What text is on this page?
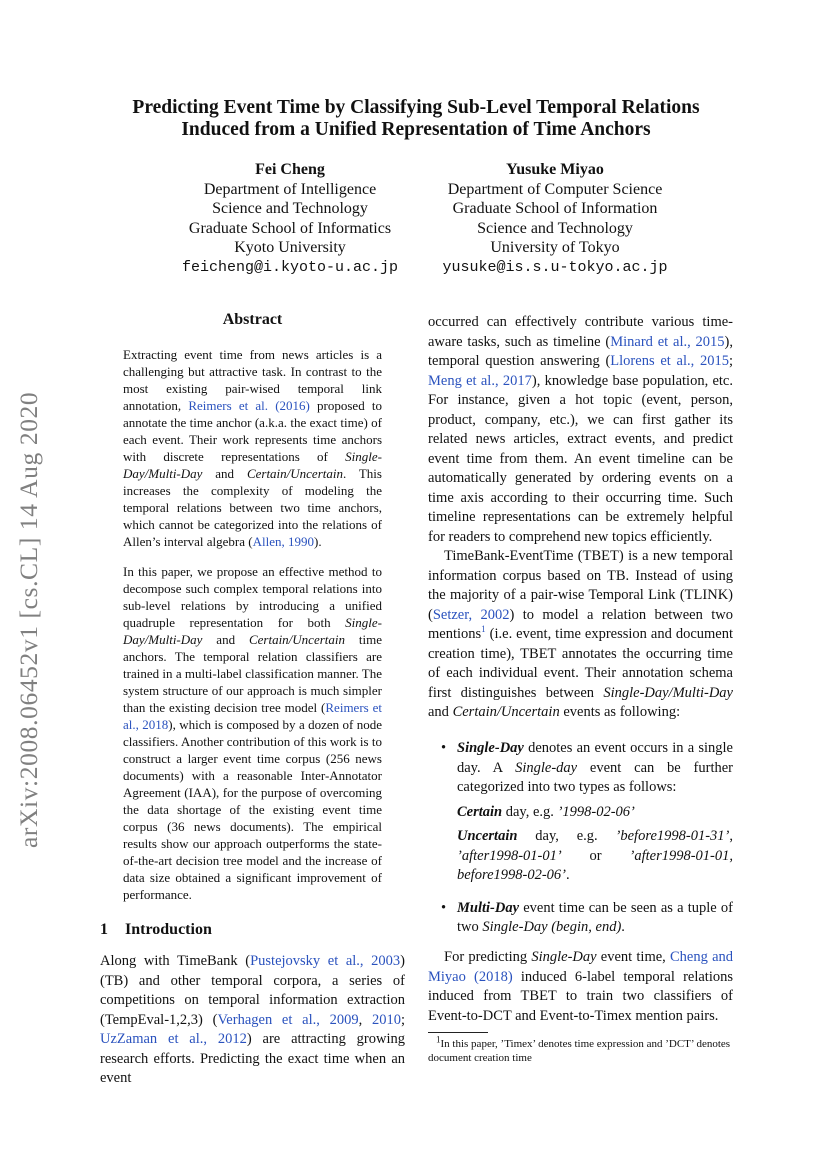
arXiv:2008.06452v1 [cs.CL] 14 Aug 2020
Predicting Event Time by Classifying Sub-Level Temporal Relations
Induced from a Unified Representation of Time Anchors
Fei Cheng
Department of Intelligence
Science and Technology
Graduate School of Informatics
Kyoto University
feicheng@i.kyoto-u.ac.jp
Yusuke Miyao
Department of Computer Science
Graduate School of Information
Science and Technology
University of Tokyo
yusuke@is.s.u-tokyo.ac.jp
Abstract

Extracting event time from news articles is a challenging but attractive task. In contrast to the most existing pair-wised temporal link annotation, Reimers et al. (2016) proposed to annotate the time anchor (a.k.a. the exact time) of each event. Their work represents time anchors with discrete representations of Single-Day/Multi-Day and Certain/Uncertain. This increases the complexity of modeling the temporal relations between two time anchors, which cannot be categorized into the relations of Allen’s interval algebra (Allen, 1990).

In this paper, we propose an effective method to decompose such complex temporal relations into sub-level relations by introducing a unified quadruple representation for both Single-Day/Multi-Day and Certain/Uncertain time anchors. The temporal relation classifiers are trained in a multi-label classification manner. The system structure of our approach is much simpler than the existing decision tree model (Reimers et al., 2018), which is composed by a dozen of node classifiers. Another contribution of this work is to construct a larger event time corpus (256 news documents) with a reasonable Inter-Annotator Agreement (IAA), for the purpose of overcoming the data shortage of the existing event time corpus (36 news documents). The empirical results show our approach outperforms the state-of-the-art decision tree model and the increase of data size obtained a significant improvement of performance.

1 Introduction

Along with TimeBank (Pustejovsky et al., 2003) (TB) and other temporal corpora, a series of competitions on temporal information extraction (TempEval-1,2,3) (Verhagen et al., 2009, 2010; UzZaman et al., 2012) are attracting growing research efforts. Predicting the exact time when an event

occurred can effectively contribute various time-aware tasks, such as timeline (Minard et al., 2015), temporal question answering (Llorens et al., 2015; Meng et al., 2017), knowledge base population, etc. For instance, given a hot topic (event, person, product, company, etc.), we can first gather its related news articles, extract events, and predict event time from them. An event timeline can be automatically generated by ordering events on a time axis according to their occurring time. Such timeline representations can be extremely helpful for readers to comprehend new topics efficiently.

TimeBank-EventTime (TBET) is a new temporal information corpus based on TB. Instead of using the majority of a pair-wise Temporal Link (TLINK) (Setzer, 2002) to model a relation between two mentions$^1$ (i.e. event, time expression and document creation time), TBET annotates the occurring time of each individual event. Their annotation schema first distinguishes between Single-Day/Multi-Day and Certain/Uncertain events as following:

• Single-Day denotes an event occurs in a single day. A Single-day event can be further categorized into two types as follows:
Certain day, e.g. ’1998-02-06’
Uncertain day, e.g. ’before1998-01-31’, ’after1998-01-01’ or ’after1998-01-01, before1998-02-06’.
• Multi-Day event time can be seen as a tuple of two Single-Day (begin, end).

For predicting Single-Day event time, Cheng and Miyao (2018) induced 6-label temporal relations induced from TBET to train two classifiers of Event-to-DCT and Event-to-Timex mention pairs.

$^1$In this paper, ’Timex’ denotes time expression and ’DCT’ denotes document creation time
